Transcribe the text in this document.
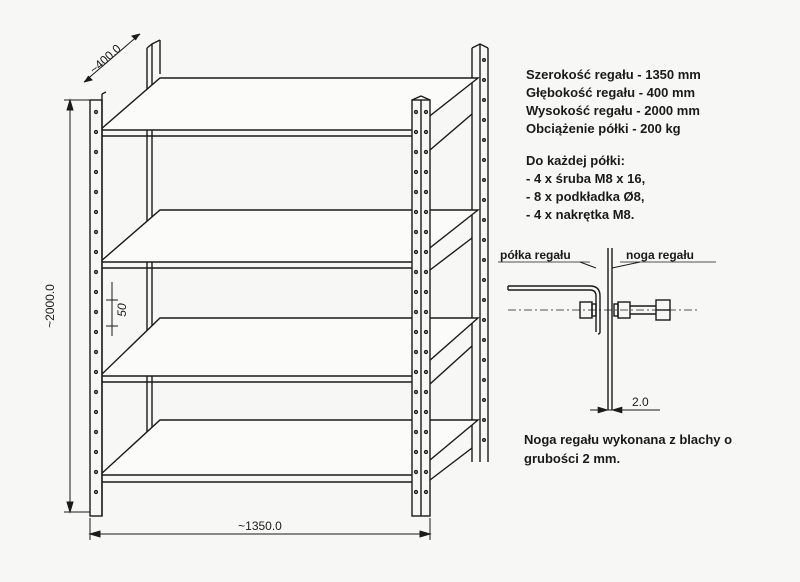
~400.0
~2000.0
~1350.0
50
2.0
półka regału	noga regału
Szerokość regału - 1350 mm
Głębokość regału - 400 mm
Wysokość regału - 2000 mm
Obciążenie półki - 200 kg
Do każdej półki:
- 4 x śruba M8 x 16,
- 8 x podkładka Ø8,
- 4 x nakrętka M8.
Noga regału wykonana z blachy o
grubości 2 mm.
